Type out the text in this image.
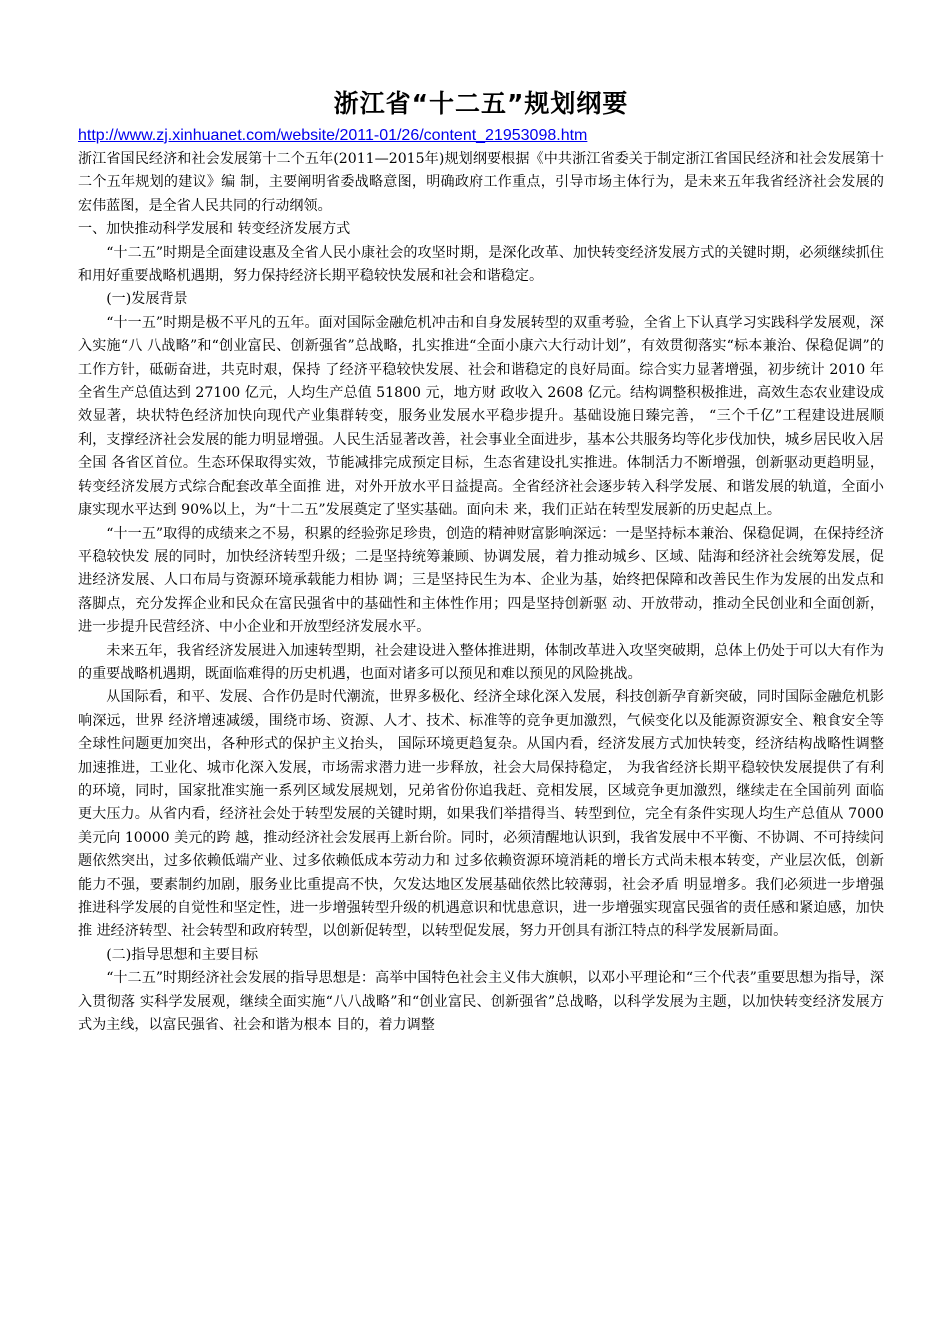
浙江省“十二五”规划纲要
http://www.zj.xinhuanet.com/website/2011-01/26/content_21953098.htm

浙江省国民经济和社会发展第十二个五年(2011—2015年)规划纲要根据《中共浙江省委关于制定浙江省国民经济和社会发展第十二个五年规划的建议》编 制，主要阐明省委战略意图，明确政府工作重点，引导市场主体行为，是未来五年我省经济社会发展的宏伟蓝图，是全省人民共同的行动纲领。

一、加快推动科学发展和 转变经济发展方式

“十二五”时期是全面建设惠及全省人民小康社会的攻坚时期，是深化改革、加快转变经济发展方式的关键时期，必须继续抓住和用好重要战略机遇期，努力保持经济长期平稳较快发展和社会和谐稳定。

(一)发展背景

“十一五”时期是极不平凡的五年。面对国际金融危机冲击和自身发展转型的双重考验，全省上下认真学习实践科学发展观，深入实施“八 八战略”和“创业富民、创新强省”总战略，扎实推进“全面小康六大行动计划”，有效贯彻落实“标本兼治、保稳促调”的工作方针，砥砺奋进，共克时艰，保持 了经济平稳较快发展、社会和谐稳定的良好局面。综合实力显著增强，初步统计 2010 年全省生产总值达到 27100 亿元，人均生产总值 51800 元，地方财 政收入 2608 亿元。结构调整积极推进，高效生态农业建设成效显著，块状特色经济加快向现代产业集群转变，服务业发展水平稳步提升。基础设施日臻完善， “三个千亿”工程建设进展顺利，支撑经济社会发展的能力明显增强。人民生活显著改善，社会事业全面进步，基本公共服务均等化步伐加快，城乡居民收入居全国 各省区首位。生态环保取得实效，节能减排完成预定目标，生态省建设扎实推进。体制活力不断增强，创新驱动更趋明显，转变经济发展方式综合配套改革全面推 进，对外开放水平日益提高。全省经济社会逐步转入科学发展、和谐发展的轨道，全面小康实现水平达到 90%以上，为“十二五”发展奠定了坚实基础。面向未 来，我们正站在转型发展新的历史起点上。

“十一五”取得的成绩来之不易，积累的经验弥足珍贵，创造的精神财富影响深远：一是坚持标本兼治、保稳促调，在保持经济平稳较快发 展的同时，加快经济转型升级；二是坚持统筹兼顾、协调发展，着力推动城乡、区域、陆海和经济社会统筹发展，促进经济发展、人口布局与资源环境承载能力相协 调；三是坚持民生为本、企业为基，始终把保障和改善民生作为发展的出发点和落脚点，充分发挥企业和民众在富民强省中的基础性和主体性作用；四是坚持创新驱 动、开放带动，推动全民创业和全面创新，进一步提升民营经济、中小企业和开放型经济发展水平。

未来五年，我省经济发展进入加速转型期，社会建设进入整体推进期，体制改革进入攻坚突破期，总体上仍处于可以大有作为的重要战略机遇期，既面临难得的历史机遇，也面对诸多可以预见和难以预见的风险挑战。

从国际看，和平、发展、合作仍是时代潮流，世界多极化、经济全球化深入发展，科技创新孕育新突破，同时国际金融危机影响深远，世界 经济增速减缓，围绕市场、资源、人才、技术、标准等的竞争更加激烈，气候变化以及能源资源安全、粮食安全等全球性问题更加突出，各种形式的保护主义抬头， 国际环境更趋复杂。从国内看，经济发展方式加快转变，经济结构战略性调整加速推进，工业化、城市化深入发展，市场需求潜力进一步释放，社会大局保持稳定， 为我省经济长期平稳较快发展提供了有利的环境，同时，国家批准实施一系列区域发展规划，兄弟省份你追我赶、竞相发展，区域竞争更加激烈，继续走在全国前列 面临更大压力。从省内看，经济社会处于转型发展的关键时期，如果我们举措得当、转型到位，完全有条件实现人均生产总值从 7000 美元向 10000 美元的跨 越，推动经济社会发展再上新台阶。同时，必须清醒地认识到，我省发展中不平衡、不协调、不可持续问题依然突出，过多依赖低端产业、过多依赖低成本劳动力和 过多依赖资源环境消耗的增长方式尚未根本转变，产业层次低，创新能力不强，要素制约加剧，服务业比重提高不快，欠发达地区发展基础依然比较薄弱，社会矛盾 明显增多。我们必须进一步增强推进科学发展的自觉性和坚定性，进一步增强转型升级的机遇意识和忧患意识，进一步增强实现富民强省的责任感和紧迫感，加快推 进经济转型、社会转型和政府转型，以创新促转型，以转型促发展，努力开创具有浙江特点的科学发展新局面。

(二)指导思想和主要目标

“十二五”时期经济社会发展的指导思想是：高举中国特色社会主义伟大旗帜，以邓小平理论和“三个代表”重要思想为指导，深入贯彻落 实科学发展观，继续全面实施“八八战略”和“创业富民、创新强省”总战略，以科学发展为主题，以加快转变经济发展方式为主线，以富民强省、社会和谐为根本 目的，着力调整
